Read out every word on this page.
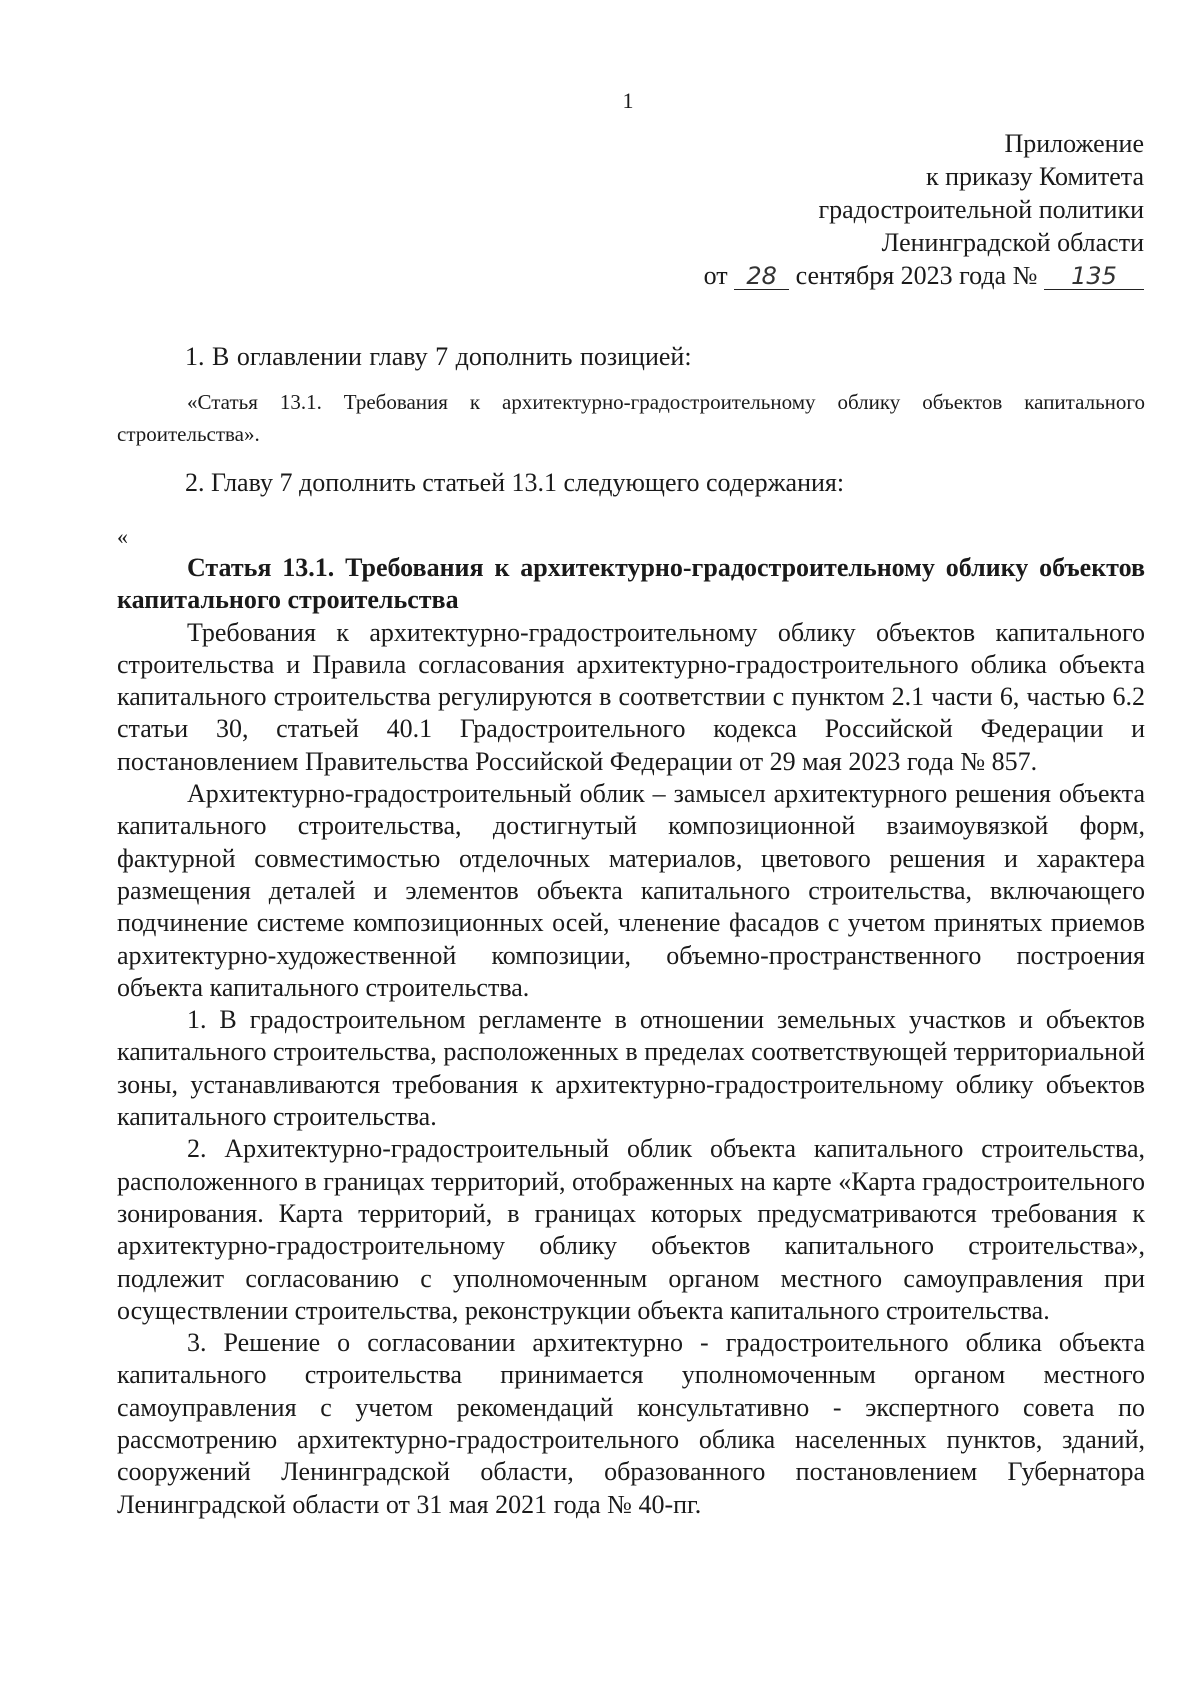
1
Приложение
к приказу Комитета
градостроительной политики
Ленинградской области
от 28 сентября 2023 года № 135
1. В оглавлении главу 7 дополнить позицией:
«Статья 13.1. Требования к архитектурно-градостроительному облику объектов капитального строительства».
2. Главу 7 дополнить статьей 13.1 следующего содержания:
«
Статья 13.1. Требования к архитектурно-градостроительному облику объектов капитального строительства

Требования к архитектурно-градостроительному облику объектов капитального строительства и Правила согласования архитектурно-градостроительного облика объекта капитального строительства регулируются в соответствии с пунктом 2.1 части 6, частью 6.2 статьи 30, статьей 40.1 Градостроительного кодекса Российской Федерации и постановлением Правительства Российской Федерации от 29 мая 2023 года № 857.

Архитектурно-градостроительный облик – замысел архитектурного решения объекта капитального строительства, достигнутый композиционной взаимоувязкой форм, фактурной совместимостью отделочных материалов, цветового решения и характера размещения деталей и элементов объекта капитального строительства, включающего подчинение системе композиционных осей, членение фасадов с учетом принятых приемов архитектурно-художественной композиции, объемно-пространственного построения объекта капитального строительства.

1. В градостроительном регламенте в отношении земельных участков и объектов капитального строительства, расположенных в пределах соответствующей территориальной зоны, устанавливаются требования к архитектурно-градостроительному облику объектов капитального строительства.

2. Архитектурно-градостроительный облик объекта капитального строительства, расположенного в границах территорий, отображенных на карте «Карта градостроительного зонирования. Карта территорий, в границах которых предусматриваются требования к архитектурно-градостроительному облику объектов капитального строительства», подлежит согласованию с уполномоченным органом местного самоуправления при осуществлении строительства, реконструкции объекта капитального строительства.

3. Решение о согласовании архитектурно - градостроительного облика объекта капитального строительства принимается уполномоченным органом местного самоуправления с учетом рекомендаций консультативно - экспертного совета по рассмотрению архитектурно-градостроительного облика населенных пунктов, зданий, сооружений Ленинградской области, образованного постановлением Губернатора Ленинградской области от 31 мая 2021 года № 40-пг.
